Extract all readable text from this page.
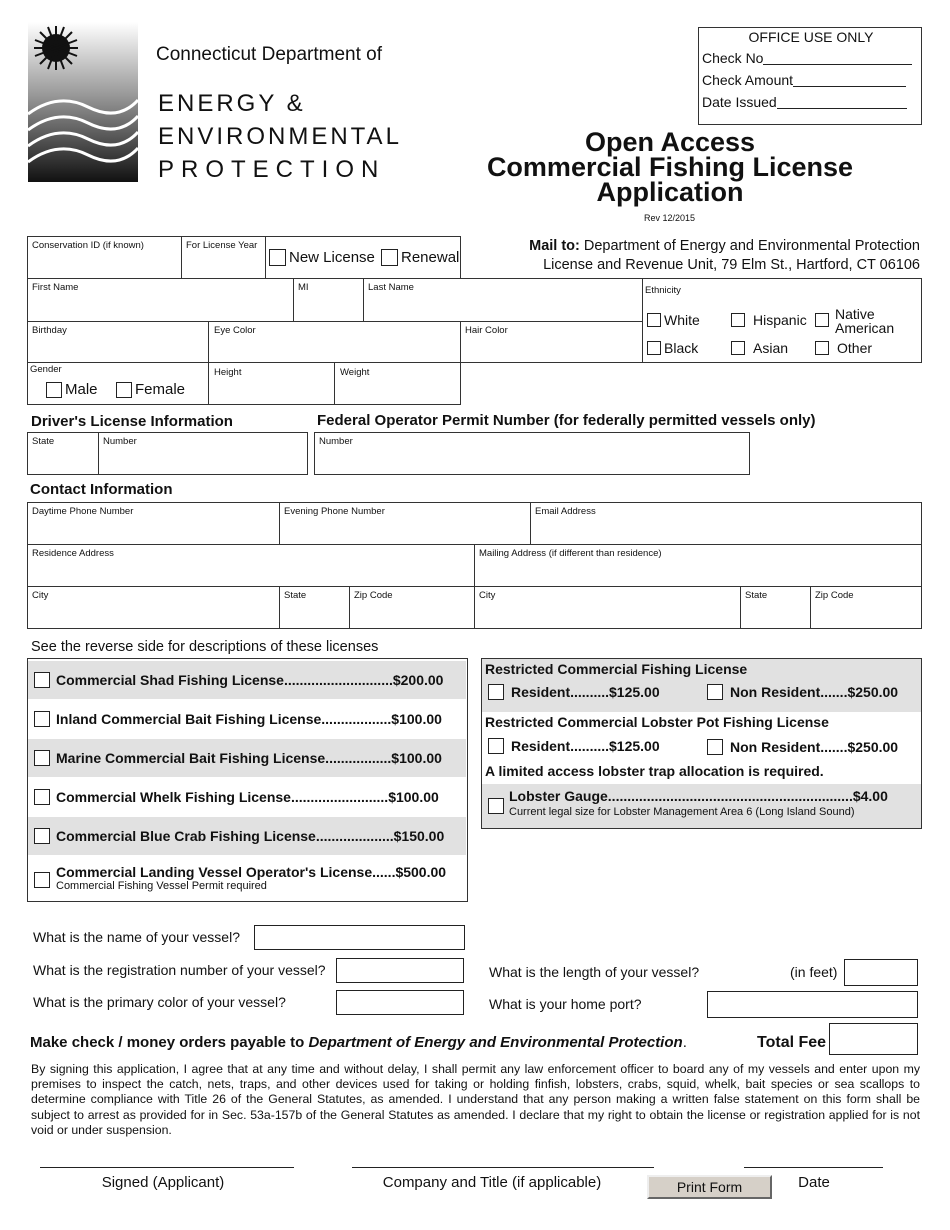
Connecticut Department of
ENERGY &
ENVIRONMENTAL
PROTECTION
OFFICE USE ONLY
Check No
Check Amount
Date Issued
Open Access
Commercial Fishing License
Application
Rev 12/2015
Conservation ID (if known)	For License Year
New License Renewal
Mail to: Department of Energy and Environmental Protection
License and Revenue Unit, 79 Elm St., Hartford, CT 06106
First Name	MI	Last Name	Ethnicity
White	Hispanic Native American
Black	Asian	Other
Birthday	Eye Color	Hair Color
Gender
Male Female
Height	Weight
Driver's License Information	Federal Operator Permit Number (for federally permitted vessels only)
State	Number	Number
Contact Information
Daytime Phone Number	Evening Phone Number	Email Address
Residence Address	Mailing Address (if different than residence)
City	State	Zip Code	City	State	Zip Code
See the reverse side for descriptions of these licenses
Commercial Shad Fishing License............................$200.00
Inland Commercial Bait Fishing License..................$100.00
Marine Commercial Bait Fishing License.................$100.00
Commercial Whelk Fishing License.........................$100.00
Commercial Blue Crab Fishing License....................$150.00
Commercial Landing Vessel Operator's License......$500.00
Commercial Fishing Vessel Permit required
Restricted Commercial Fishing License
Resident..........$125.00	Non Resident.......$250.00
Restricted Commercial Lobster Pot Fishing License
Resident..........$125.00	Non Resident.......$250.00
A limited access lobster trap allocation is required.
Lobster Gauge...............................................................$4.00
Current legal size for Lobster Management Area 6 (Long Island Sound)
What is the name of your vessel?
What is the registration number of your vessel?
What is the primary color of your vessel?
What is the length of your vessel?	(in feet)
What is your home port?
Make check / money orders payable to Department of Energy and Environmental Protection.	Total Fee
By signing this application, I agree that at any time and without delay, I shall permit any law enforcement officer to board any of my vessels and enter upon my premises to inspect the catch, nets, traps, and other devices used for taking or holding finfish, lobsters, crabs, squid, whelk, bait species or sea scallops to determine compliance with Title 26 of the General Statutes, as amended. I understand that any person making a written false statement on this form shall be subject to arrest as provided for in Sec. 53a-157b of the General Statutes as amended. I declare that my right to obtain the license or registration applied for is not void or under suspension.
Signed (Applicant)	Company and Title (if applicable)	Date
Print Form
